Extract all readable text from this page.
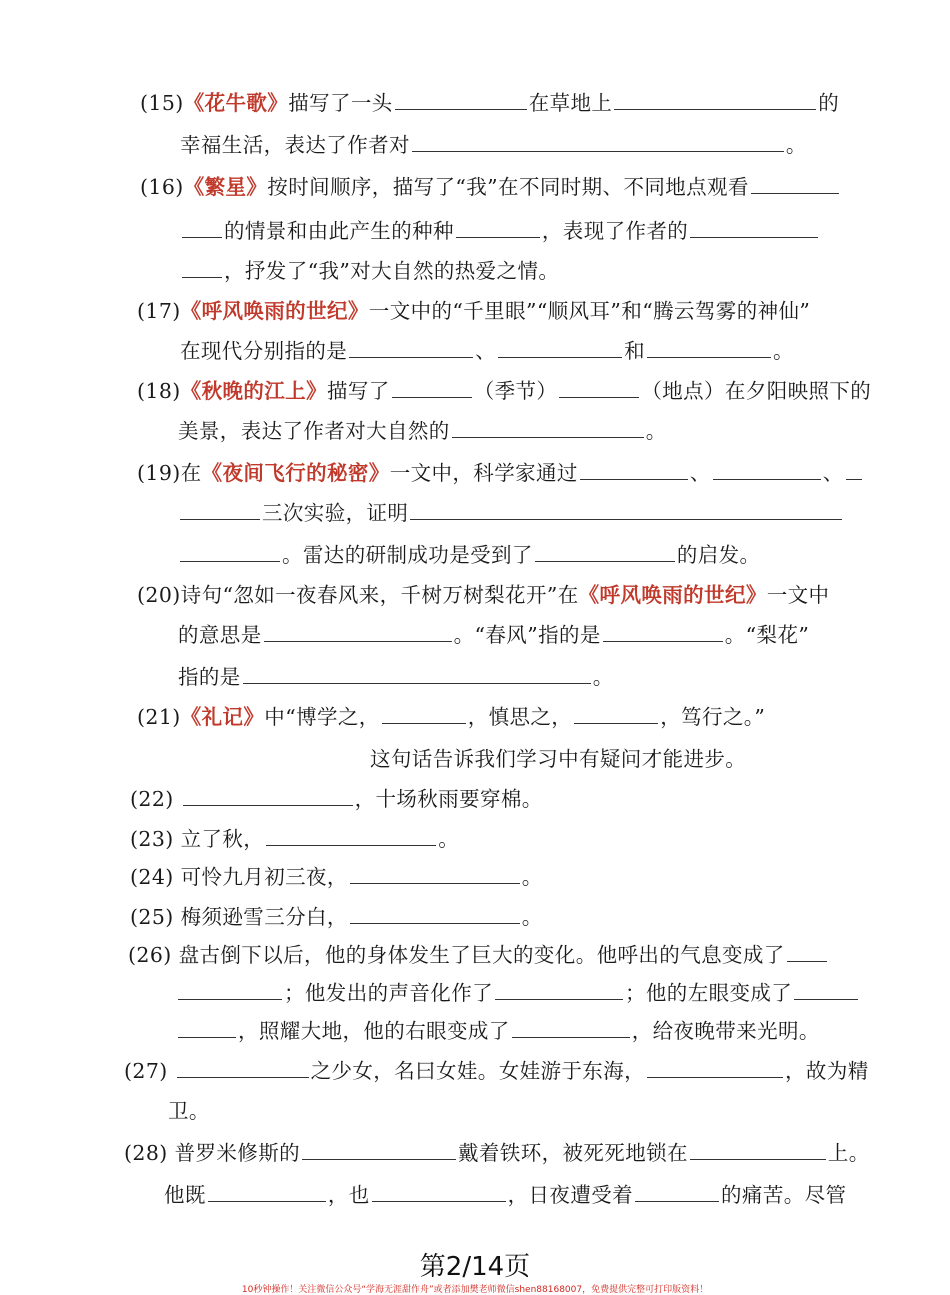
(15)《花牛歌》描写了一头	在草地上	的
幸福生活，表达了作者对	。
(16)《繁星》按时间顺序，描写了“我”在不同时期、不同地点观看
的情景和由此产生的种种	，表现了作者的
，抒发了“我”对大自然的热爱之情。
(17)《呼风唤雨的世纪》一文中的“千里眼”“顺风耳”和“腾云驾雾的神仙”
在现代分别指的是	、	和	。
(18)《秋晚的江上》描写了	（季节）	（地点）在夕阳映照下的
美景，表达了作者对大自然的	。
(19)在《夜间飞行的秘密》一文中，科学家通过	、	、
三次实验，证明
。雷达的研制成功是受到了	的启发。
(20)诗句“忽如一夜春风来，千树万树梨花开”在《呼风唤雨的世纪》一文中
的意思是	。“春风”指的是	。“梨花”
指的是	。
(21)《礼记》中“博学之，	，慎思之，	，笃行之。”
这句话告诉我们学习中有疑问才能进步。
(22)	，十场秋雨要穿棉。
(23) 立了秋，	。
(24) 可怜九月初三夜，	。
(25) 梅须逊雪三分白，	。
(26) 盘古倒下以后，他的身体发生了巨大的变化。他呼出的气息变成了
；他发出的声音化作了	；他的左眼变成了
，照耀大地，他的右眼变成了	，给夜晚带来光明。
(27)	之少女，名曰女娃。女娃游于东海，	，故为精
卫。
(28) 普罗米修斯的	戴着铁环，被死死地锁在	上。
他既	，也	，日夜遭受着	的痛苦。尽管
第2/14页
10秒钟操作！关注微信公众号“学海无涯甜作舟”或者添加樊老师微信shen88168007，免费提供完整可打印版资料！
